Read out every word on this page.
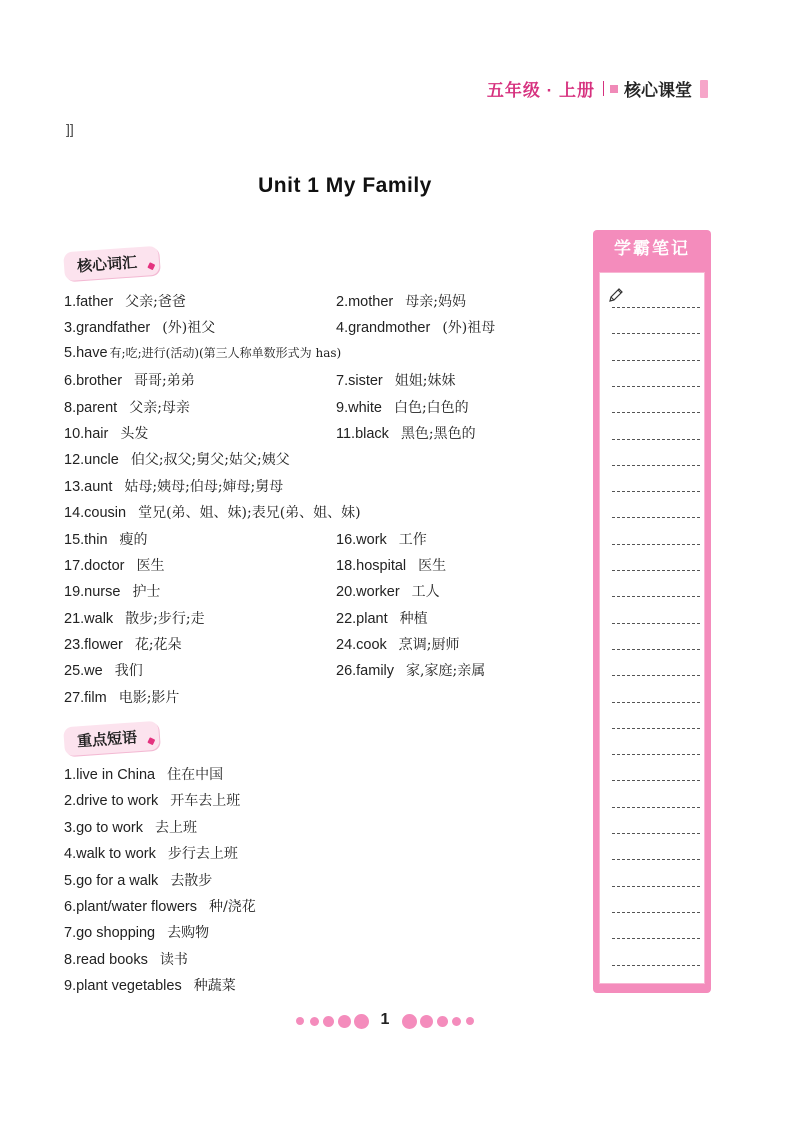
五年级 · 上册 核心课堂
]]
Unit 1 My Family
核心词汇
1.father 父亲;爸爸	2.mother 母亲;妈妈
3.grandfather (外)祖父	4.grandmother (外)祖母
5.have 有;吃;进行(活动)(第三人称单数形式为 has)
6.brother 哥哥;弟弟	7.sister 姐姐;妹妹
8.parent 父亲;母亲	9.white 白色;白色的
10.hair 头发	11.black 黑色;黑色的
12.uncle 伯父;叔父;舅父;姑父;姨父
13.aunt 姑母;姨母;伯母;婶母;舅母
14.cousin 堂兄(弟、姐、妹);表兄(弟、姐、妹)
15.thin 瘦的	16.work 工作
17.doctor 医生	18.hospital 医生
19.nurse 护士	20.worker 工人
21.walk 散步;步行;走	22.plant 种植
23.flower 花;花朵	24.cook 烹调;厨师
25.we 我们	26.family 家,家庭;亲属
27.film 电影;影片
重点短语
1.live in China 住在中国
2.drive to work 开车去上班
3.go to work 去上班
4.walk to work 步行去上班
5.go for a walk 去散步
6.plant/water flowers 种/浇花
7.go shopping 去购物
8.read books 读书
9.plant vegetables 种蔬菜
学霸笔记
1
